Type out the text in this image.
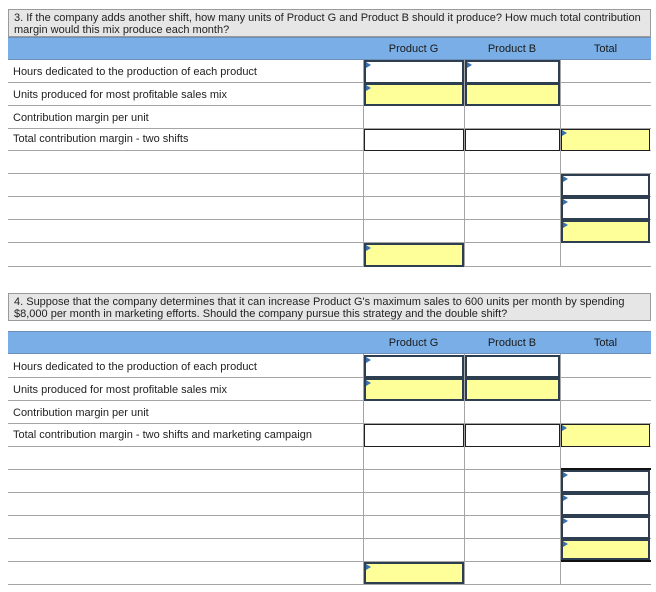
3. If the company adds another shift, how many units of Product G and Product B should it produce? How much total contribution margin would this mix produce each month?
Product G	Product B	Total
Hours dedicated to the production of each product
Units produced for most profitable sales mix
Contribution margin per unit
Total contribution margin - two shifts
4. Suppose that the company determines that it can increase Product G's maximum sales to 600 units per month by spending $8,000 per month in marketing efforts. Should the company pursue this strategy and the double shift?
Product G	Product B	Total
Hours dedicated to the production of each product
Units produced for most profitable sales mix
Contribution margin per unit
Total contribution margin - two shifts and marketing campaign
